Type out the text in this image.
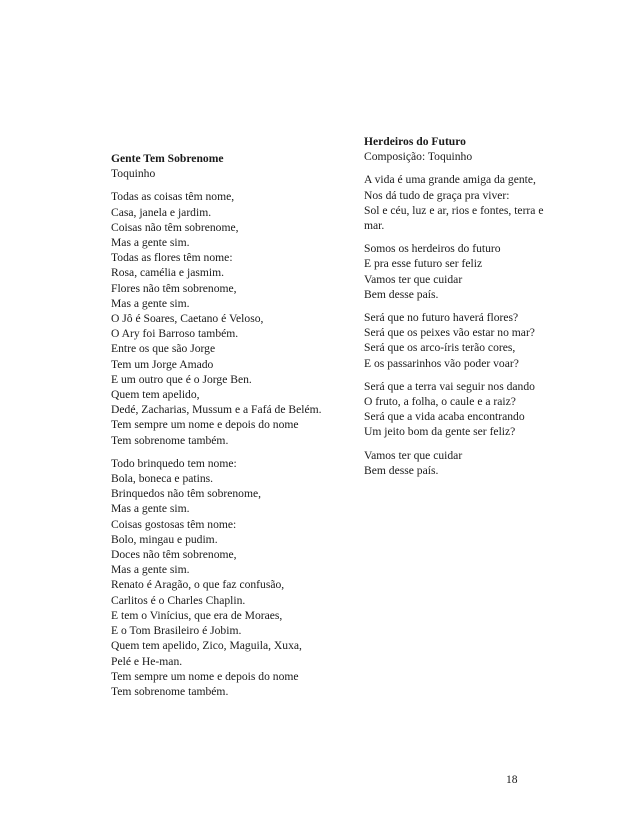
Gente Tem Sobrenome
Toquinho
Todas as coisas têm nome,
Casa, janela e jardim.
Coisas não têm sobrenome,
Mas a gente sim.
Todas as flores têm nome:
Rosa, camélia e jasmim.
Flores não têm sobrenome,
Mas a gente sim.
O Jô é Soares, Caetano é Veloso,
O Ary foi Barroso também.
Entre os que são Jorge
Tem um Jorge Amado
E um outro que é o Jorge Ben.
Quem tem apelido,
Dedé, Zacharias, Mussum e a Fafá de Belém.
Tem sempre um nome e depois do nome
Tem sobrenome também.
Todo brinquedo tem nome:
Bola, boneca e patins.
Brinquedos não têm sobrenome,
Mas a gente sim.
Coisas gostosas têm nome:
Bolo, mingau e pudim.
Doces não têm sobrenome,
Mas a gente sim.
Renato é Aragão, o que faz confusão,
Carlitos é o Charles Chaplin.
E tem o Vinícius, que era de Moraes,
E o Tom Brasileiro é Jobim.
Quem tem apelido, Zico, Maguila, Xuxa,
Pelé e He-man.
Tem sempre um nome e depois do nome
Tem sobrenome também.
Herdeiros do Futuro
Composição: Toquinho
A vida é uma grande amiga da gente,
Nos dá tudo de graça pra viver:
Sol e céu, luz e ar, rios e fontes, terra e
mar.
Somos os herdeiros do futuro
E pra esse futuro ser feliz
Vamos ter que cuidar
Bem desse país.
Será que no futuro haverá flores?
Será que os peixes vão estar no mar?
Será que os arco-íris terão cores,
E os passarinhos vão poder voar?
Será que a terra vai seguir nos dando
O fruto, a folha, o caule e a raiz?
Será que a vida acaba encontrando
Um jeito bom da gente ser feliz?
Vamos ter que cuidar
Bem desse país.
18
